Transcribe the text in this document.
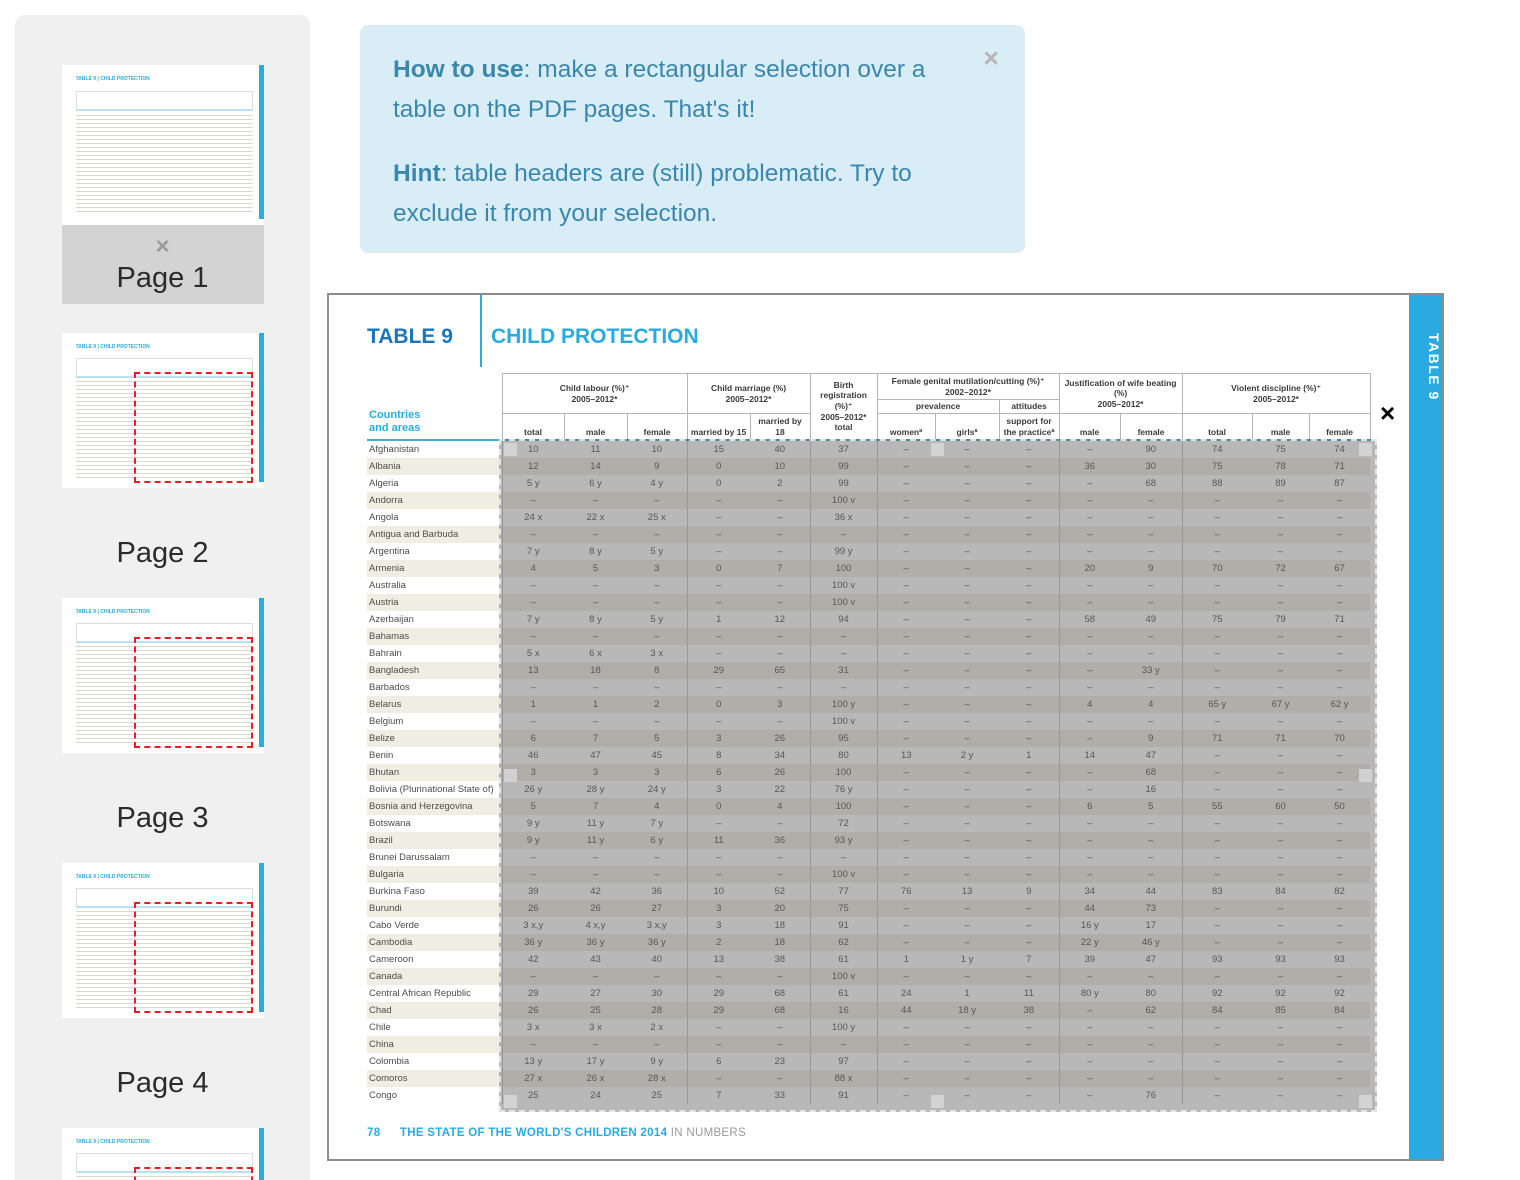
TABLE 9 | CHILD PROTECTION
×
Page 1
TABLE 9 | CHILD PROTECTION
Page 2
TABLE 9 | CHILD PROTECTION
Page 3
TABLE 9 | CHILD PROTECTION
Page 4
TABLE 9 | CHILD PROTECTION
×

How to use: make a rectangular selection over a table on the PDF pages. That's it!

Hint: table headers are (still) problematic. Try to exclude it from your selection.

TABLE 9
TABLE 9 CHILD PROTECTION
Countries
and areas

Child labour (%)⁺
2005–2012*

Child marriage (%)
2005–2012*

Birth registration (%)⁺
2005–2012*
total

Female genital mutilation/cutting (%)⁺
2002–2012*

Justification of wife beating (%)
2005–2012*

Violent discipline (%)⁺
2005–2012*

							prevalence		attitudes					
	total	male	female	married by 15	married by 18		womenª	girlsª	support for the practiceª	male	female	total	male	female
Afghanistan	10	11	10	15	40	37	–	–	–	–	90	74	75	74
Albania	12	14	9	0	10	99	–	–	–	36	30	75	78	71
Algeria	5 y	6 y	4 y	0	2	99	–	–	–	–	68	88	89	87
Andorra	–	–	–	–	–	100 v	–	–	–	–	–	–	–	–
Angola	24 x	22 x	25 x	–	–	36 x	–	–	–	–	–	–	–	–
Antigua and Barbuda	–	–	–	–	–	–	–	–	–	–	–	–	–	–
Argentina	7 y	8 y	5 y	–	–	99 y	–	–	–	–	–	–	–	–
Armenia	4	5	3	0	7	100	–	–	–	20	9	70	72	67
Australia	–	–	–	–	–	100 v	–	–	–	–	–	–	–	–
Austria	–	–	–	–	–	100 v	–	–	–	–	–	–	–	–
Azerbaijan	7 y	8 y	5 y	1	12	94	–	–	–	58	49	75	79	71
Bahamas	–	–	–	–	–	–	–	–	–	–	–	–	–	–
Bahrain	5 x	6 x	3 x	–	–	–	–	–	–	–	–	–	–	–
Bangladesh	13	18	8	29	65	31	–	–	–	–	33 y	–	–	–
Barbados	–	–	–	–	–	–	–	–	–	–	–	–	–	–
Belarus	1	1	2	0	3	100 y	–	–	–	4	4	65 y	67 y	62 y
Belgium	–	–	–	–	–	100 v	–	–	–	–	–	–	–	–
Belize	6	7	5	3	26	95	–	–	–	–	9	71	71	70
Benin	46	47	45	8	34	80	13	2 y	1	14	47	–	–	–
Bhutan	3	3	3	6	26	100	–	–	–	–	68	–	–	–
Bolivia (Plurinational State of)	26 y	28 y	24 y	3	22	76 y	–	–	–	–	16	–	–	–
Bosnia and Herzegovina	5	7	4	0	4	100	–	–	–	6	5	55	60	50
Botswana	9 y	11 y	7 y	–	–	72	–	–	–	–	–	–	–	–
Brazil	9 y	11 y	6 y	11	36	93 y	–	–	–	–	–	–	–	–
Brunei Darussalam	–	–	–	–	–	–	–	–	–	–	–	–	–	–
Bulgaria	–	–	–	–	–	100 v	–	–	–	–	–	–	–	–
Burkina Faso	39	42	36	10	52	77	76	13	9	34	44	83	84	82
Burundi	26	26	27	3	20	75	–	–	–	44	73	–	–	–
Cabo Verde	3 x,y	4 x,y	3 x,y	3	18	91	–	–	–	16 y	17	–	–	–
Cambodia	36 y	36 y	36 y	2	18	62	–	–	–	22 y	46 y	–	–	–
Cameroon	42	43	40	13	38	61	1	1 y	7	39	47	93	93	93
Canada	–	–	–	–	–	100 v	–	–	–	–	–	–	–	–
Central African Republic	29	27	30	29	68	61	24	1	11	80 y	80	92	92	92
Chad	26	25	28	29	68	16	44	18 y	38	–	62	84	85	84
Chile	3 x	3 x	2 x	–	–	100 y	–	–	–	–	–	–	–	–
China	–	–	–	–	–	–	–	–	–	–	–	–	–	–
Colombia	13 y	17 y	9 y	6	23	97	–	–	–	–	–	–	–	–
Comoros	27 x	26 x	28 x	–	–	88 x	–	–	–	–	–	–	–	–
Congo	25	24	25	7	33	91	–	–	–	–	76	–	–	–
78 THE STATE OF THE WORLD'S CHILDREN 2014 IN NUMBERS
×
